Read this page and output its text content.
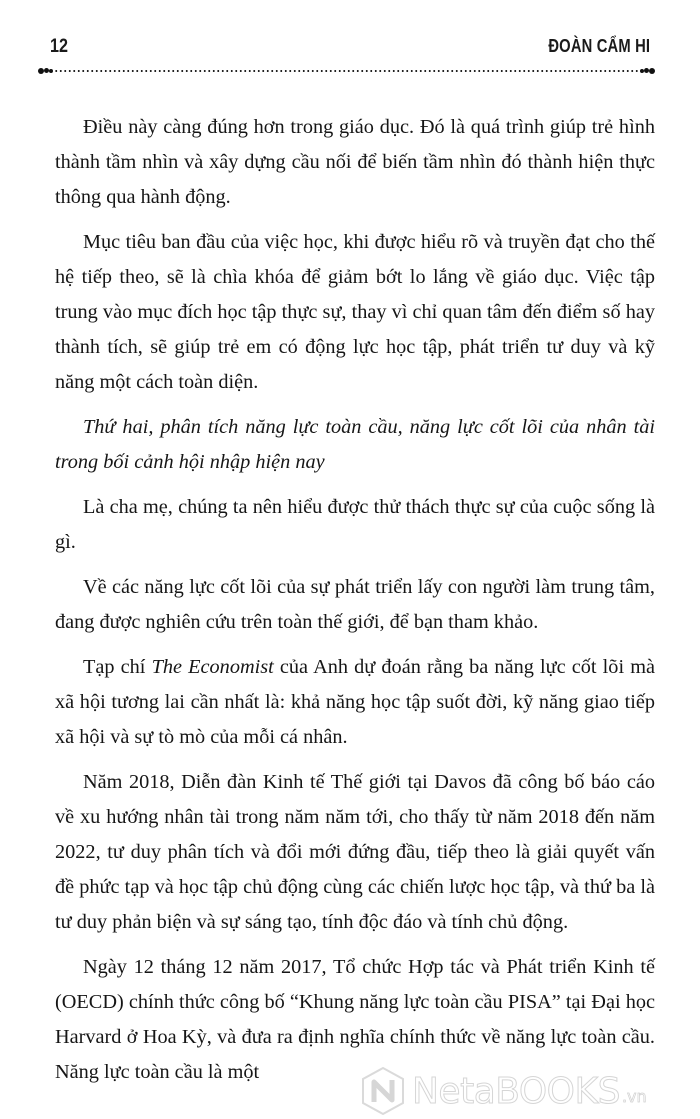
12	ĐOÀN CẨM HI

Điều này càng đúng hơn trong giáo dục. Đó là quá trình giúp trẻ hình thành tầm nhìn và xây dựng cầu nối để biến tầm nhìn đó thành hiện thực thông qua hành động.

Mục tiêu ban đầu của việc học, khi được hiểu rõ và truyền đạt cho thế hệ tiếp theo, sẽ là chìa khóa để giảm bớt lo lắng về giáo dục. Việc tập trung vào mục đích học tập thực sự, thay vì chỉ quan tâm đến điểm số hay thành tích, sẽ giúp trẻ em có động lực học tập, phát triển tư duy và kỹ năng một cách toàn diện.

Thứ hai, phân tích năng lực toàn cầu, năng lực cốt lõi của nhân tài trong bối cảnh hội nhập hiện nay

Là cha mẹ, chúng ta nên hiểu được thử thách thực sự của cuộc sống là gì.

Về các năng lực cốt lõi của sự phát triển lấy con người làm trung tâm, đang được nghiên cứu trên toàn thế giới, để bạn tham khảo.

Tạp chí The Economist của Anh dự đoán rằng ba năng lực cốt lõi mà xã hội tương lai cần nhất là: khả năng học tập suốt đời, kỹ năng giao tiếp xã hội và sự tò mò của mỗi cá nhân.

Năm 2018, Diễn đàn Kinh tế Thế giới tại Davos đã công bố báo cáo về xu hướng nhân tài trong năm năm tới, cho thấy từ năm 2018 đến năm 2022, tư duy phân tích và đổi mới đứng đầu, tiếp theo là giải quyết vấn đề phức tạp và học tập chủ động cùng các chiến lược học tập, và thứ ba là tư duy phản biện và sự sáng tạo, tính độc đáo và tính chủ động.

Ngày 12 tháng 12 năm 2017, Tổ chức Hợp tác và Phát triển Kinh tế (OECD) chính thức công bố “Khung năng lực toàn cầu PISA” tại Đại học Harvard ở Hoa Kỳ, và đưa ra định nghĩa chính thức về năng lực toàn cầu. Năng lực toàn cầu là một	NetaBOOKS .vn
